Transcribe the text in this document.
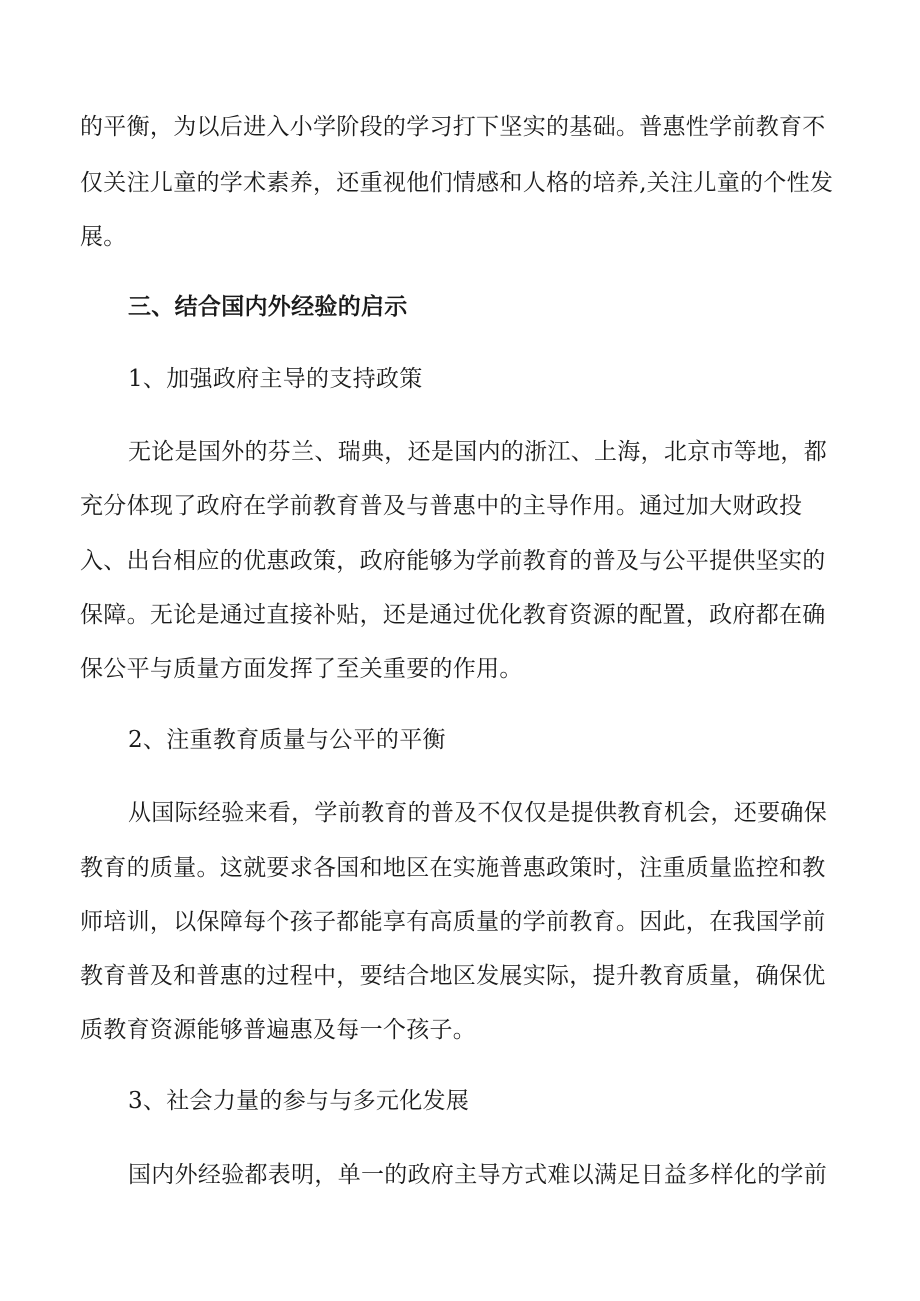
的平衡，为以后进入小学阶段的学习打下坚实的基础。普惠性学前教育不
仅关注儿童的学术素养，还重视他们情感和人格的培养,关注儿童的个性发
展。
三、结合国内外经验的启示
1、加强政府主导的支持政策
无论是国外的芬兰、瑞典，还是国内的浙江、上海，北京市等地，都
充分体现了政府在学前教育普及与普惠中的主导作用。通过加大财政投
入、出台相应的优惠政策，政府能够为学前教育的普及与公平提供坚实的
保障。无论是通过直接补贴，还是通过优化教育资源的配置，政府都在确
保公平与质量方面发挥了至关重要的作用。
2、注重教育质量与公平的平衡
从国际经验来看，学前教育的普及不仅仅是提供教育机会，还要确保
教育的质量。这就要求各国和地区在实施普惠政策时，注重质量监控和教
师培训，以保障每个孩子都能享有高质量的学前教育。因此，在我国学前
教育普及和普惠的过程中，要结合地区发展实际，提升教育质量，确保优
质教育资源能够普遍惠及每一个孩子。
3、社会力量的参与与多元化发展
国内外经验都表明，单一的政府主导方式难以满足日益多样化的学前
